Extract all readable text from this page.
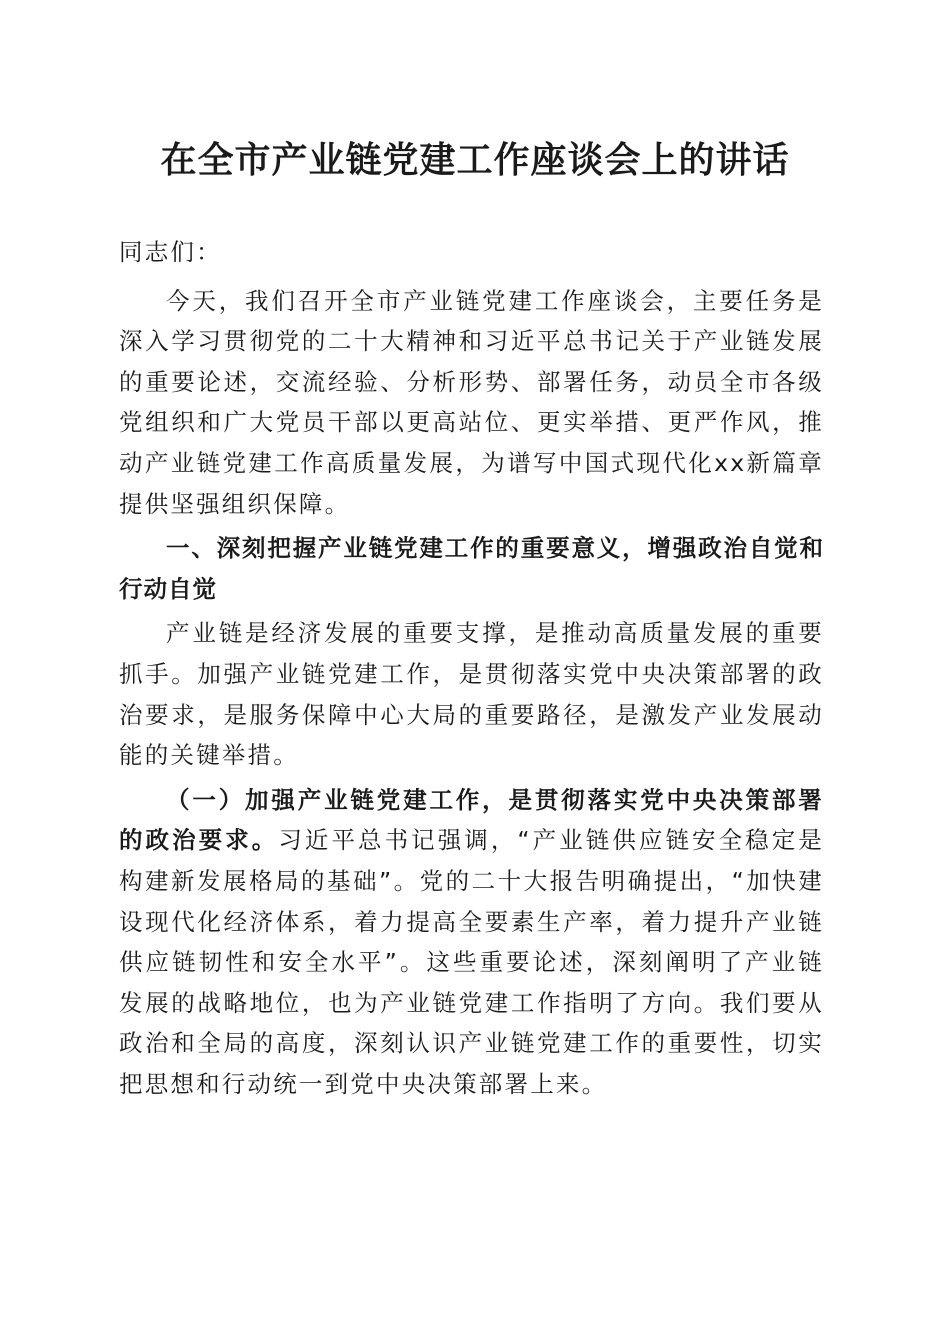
在全市产业链党建工作座谈会上的讲话

同志们：

今天，我们召开全市产业链党建工作座谈会，主要任务是深入学习贯彻党的二十大精神和习近平总书记关于产业链发展的重要论述，交流经验、分析形势、部署任务，动员全市各级党组织和广大党员干部以更高站位、更实举措、更严作风，推动产业链党建工作高质量发展，为谱写中国式现代化xx新篇章提供坚强组织保障。

一、深刻把握产业链党建工作的重要意义，增强政治自觉和行动自觉

产业链是经济发展的重要支撑，是推动高质量发展的重要抓手。加强产业链党建工作，是贯彻落实党中央决策部署的政治要求，是服务保障中心大局的重要路径，是激发产业发展动能的关键举措。

（一）加强产业链党建工作，是贯彻落实党中央决策部署的政治要求。习近平总书记强调，“产业链供应链安全稳定是构建新发展格局的基础”。党的二十大报告明确提出，“加快建设现代化经济体系，着力提高全要素生产率，着力提升产业链供应链韧性和安全水平”。这些重要论述，深刻阐明了产业链发展的战略地位，也为产业链党建工作指明了方向。我们要从政治和全局的高度，深刻认识产业链党建工作的重要性，切实把思想和行动统一到党中央决策部署上来。
